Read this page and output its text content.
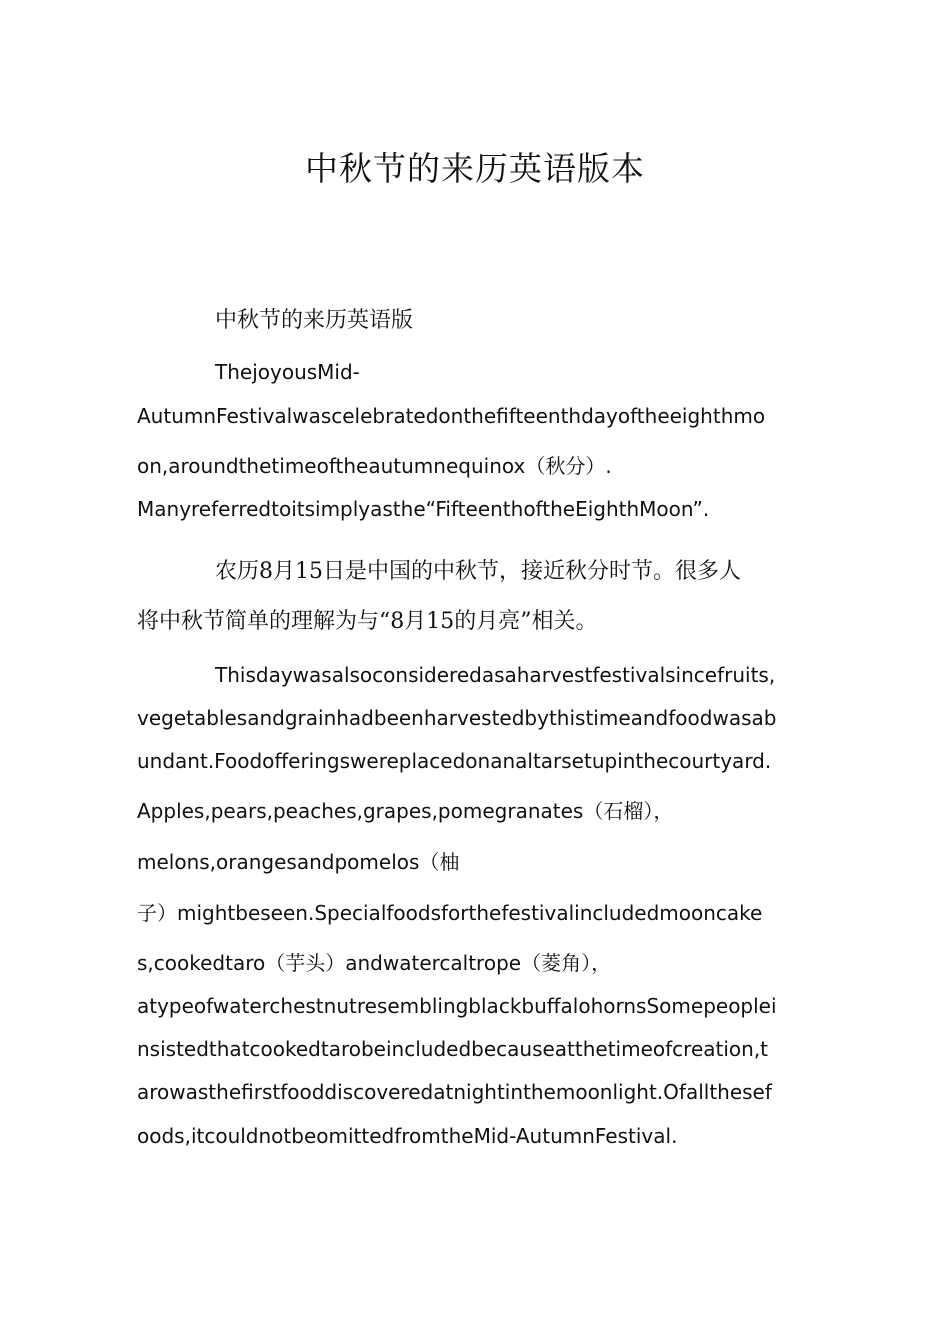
中秋节的来历英语版本

中秋节的来历英语版

ThejoyousMid-

AutumnFestivalwascelebratedonthefifteenthdayoftheeighthmo

on,aroundthetimeoftheautumnequinox（秋分）.

Manyreferredtoitsimplyasthe“FifteenthoftheEighthMoon”.

农历8月15日是中国的中秋节，接近秋分时节。很多人

将中秋节简单的理解为与“8月15的月亮”相关。

Thisdaywasalsoconsideredasaharvestfestivalsincefruits,

vegetablesandgrainhadbeenharvestedbythistimeandfoodwasab

undant.Foodofferingswereplacedonanaltarsetupinthecourtyard.

Apples,pears,peaches,grapes,pomegranates（石榴），

melons,orangesandpomelos（柚

子）mightbeseen.Specialfoodsforthefestivalincludedmooncake

s,cookedtaro（芋头）andwatercaltrope（菱角），

atypeofwaterchestnutresemblingblackbuffalohornsSomepeoplei

nsistedthatcookedtarobeincludedbecauseatthetimeofcreation,t

arowasthefirstfooddiscoveredatnightinthemoonlight.Ofallthesef

oods,itcouldnotbeomittedfromtheMid-AutumnFestival.
